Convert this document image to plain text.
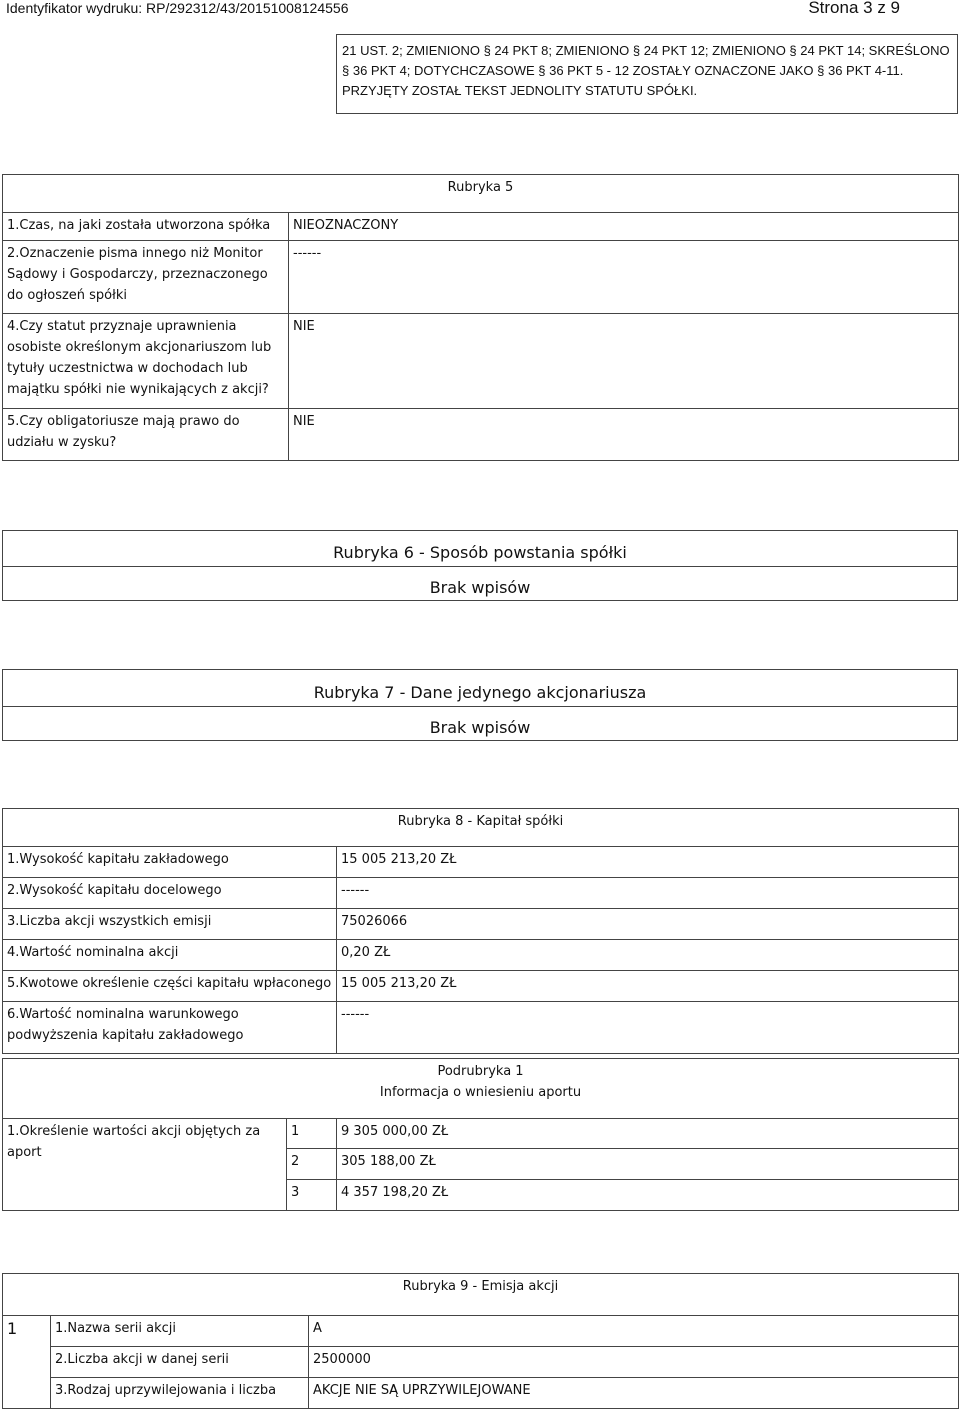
Identyfikator wydruku: RP/292312/43/20151008124556	Strona 3 z 9
21 UST. 2; ZMIENIONO § 24 PKT 8; ZMIENIONO § 24 PKT 12; ZMIENIONO § 24 PKT 14; SKREŚLONO § 36 PKT 4; DOTYCHCZASOWE § 36 PKT 5 - 12 ZOSTAŁY OZNACZONE JAKO § 36 PKT 4-11. PRZYJĘTY ZOSTAŁ TEKST JEDNOLITY STATUTU SPÓŁKI.
Rubryka 5	
1.Czas, na jaki została utworzona spółka	NIEOZNACZONY
2.Oznaczenie pisma innego niż Monitor Sądowy i Gospodarczy, przeznaczonego do ogłoszeń spółki	------
4.Czy statut przyznaje uprawnienia osobiste określonym akcjonariuszom lub tytuły uczestnictwa w dochodach lub majątku spółki nie wynikających z akcji?	NIE
5.Czy obligatoriusze mają prawo do udziału w zysku?	NIE
Rubryka 6 - Sposób powstania spółki
Brak wpisów
Rubryka 7 - Dane jedynego akcjonariusza
Brak wpisów
Rubryka 8 - Kapitał spółki	
1.Wysokość kapitału zakładowego	15 005 213,20 ZŁ
2.Wysokość kapitału docelowego	------
3.Liczba akcji wszystkich emisji	75026066
4.Wartość nominalna akcji	0,20 ZŁ
5.Kwotowe określenie części kapitału wpłaconego	15 005 213,20 ZŁ
6.Wartość nominalna warunkowego podwyższenia kapitału zakładowego	------
Podrubryka 1
Informacja o wniesieniu aportu		

1.Określenie wartości akcji objętych za aport	1	9 305 000,00 ZŁ
	2	305 188,00 ZŁ
	3	4 357 198,20 ZŁ
Rubryka 9 - Emisja akcji		
1	1.Nazwa serii akcji	A
	2.Liczba akcji w danej serii	2500000
	3.Rodzaj uprzywilejowania i liczba	AKCJE NIE SĄ UPRZYWILEJOWANE
